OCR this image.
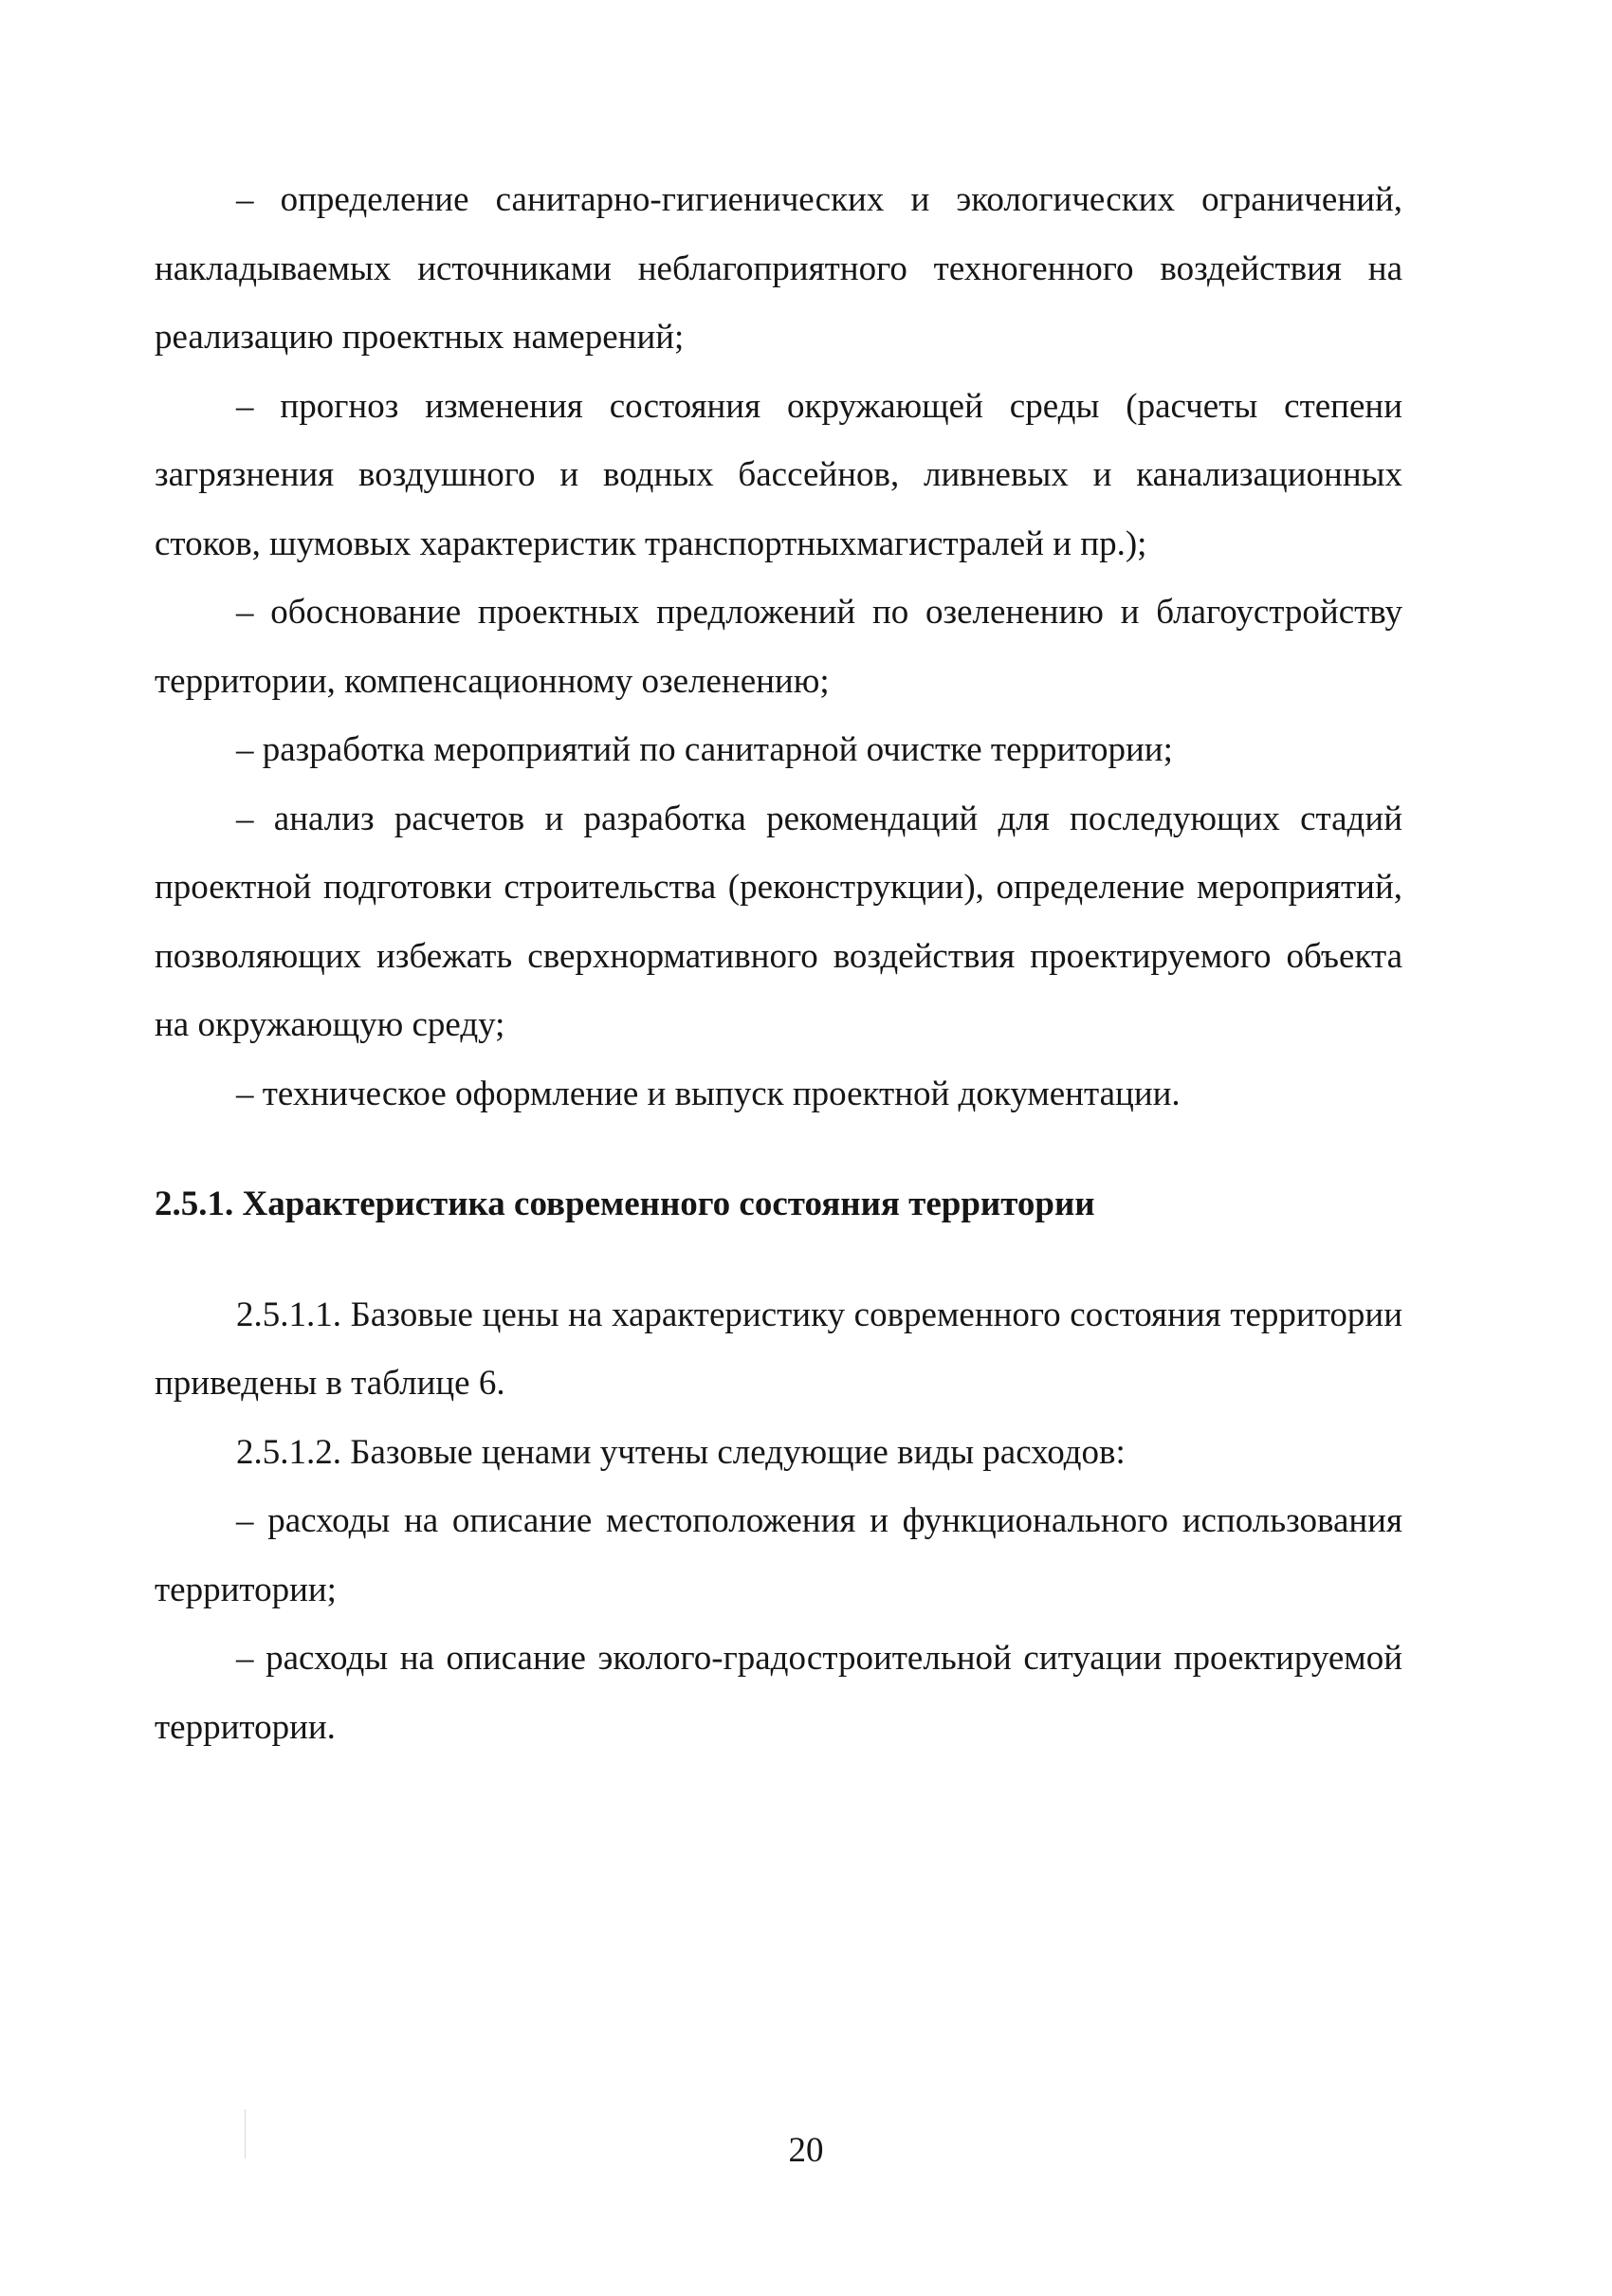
– определение санитарно-гигиенических и экологических ограничений, накладываемых источниками неблагоприятного техногенного воздействия на реализацию проектных намерений;

– прогноз изменения состояния окружающей среды (расчеты степени загрязнения воздушного и водных бассейнов, ливневых и канализационных стоков, шумовых характеристик транспортныхмагистралей и пр.);

– обоснование проектных предложений по озеленению и благоустройству территории, компенсационному озеленению;

– разработка мероприятий по санитарной очистке территории;

– анализ расчетов и разработка рекомендаций для последующих стадий проектной подготовки строительства (реконструкции), определение мероприятий, позволяющих избежать сверхнормативного воздействия проектируемого объекта на окружающую среду;

– техническое оформление и выпуск проектной документации.

2.5.1. Характеристика современного состояния территории

2.5.1.1. Базовые цены на характеристику современного состояния территории приведены в таблице 6.

2.5.1.2. Базовые ценами учтены следующие виды расходов:

– расходы на описание местоположения и функционального использования территории;

– расходы на описание эколого-градостроительной ситуации проектируемой территории.

20
